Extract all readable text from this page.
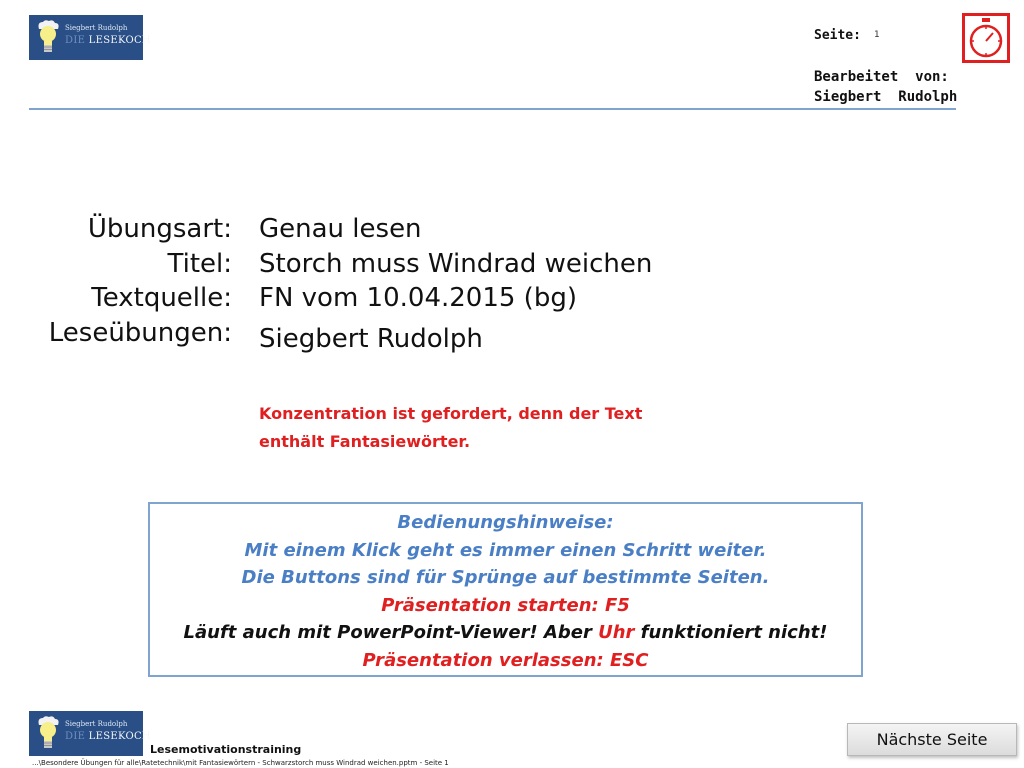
Siegbert Rudolph
DIE LESEKOCH	Seite: 1
Bearbeitet  von:
Siegbert  Rudolph
Übungsart:
Titel:
Textquelle:
Leseübungen:
Genau lesen
Storch muss Windrad weichen
FN vom 10.04.2015 (bg)
Siegbert Rudolph
Konzentration ist gefordert, denn der Text
enthält Fantasiewörter.
Bedienungshinweise:
Mit einem Klick geht es immer einen Schritt weiter.
Die Buttons sind für Sprünge auf bestimmte Seiten.
Präsentation starten: F5
Läuft auch mit PowerPoint-Viewer! Aber Uhr funktioniert nicht!
Präsentation verlassen: ESC
Siegbert Rudolph
DIE LESEKOCH
Lesemotivationstraining
...\Besondere Übungen für alle\Ratetechnik\mit Fantasiewörtern - Schwarzstorch muss Windrad weichen.pptm - Seite 1
Nächste Seite
